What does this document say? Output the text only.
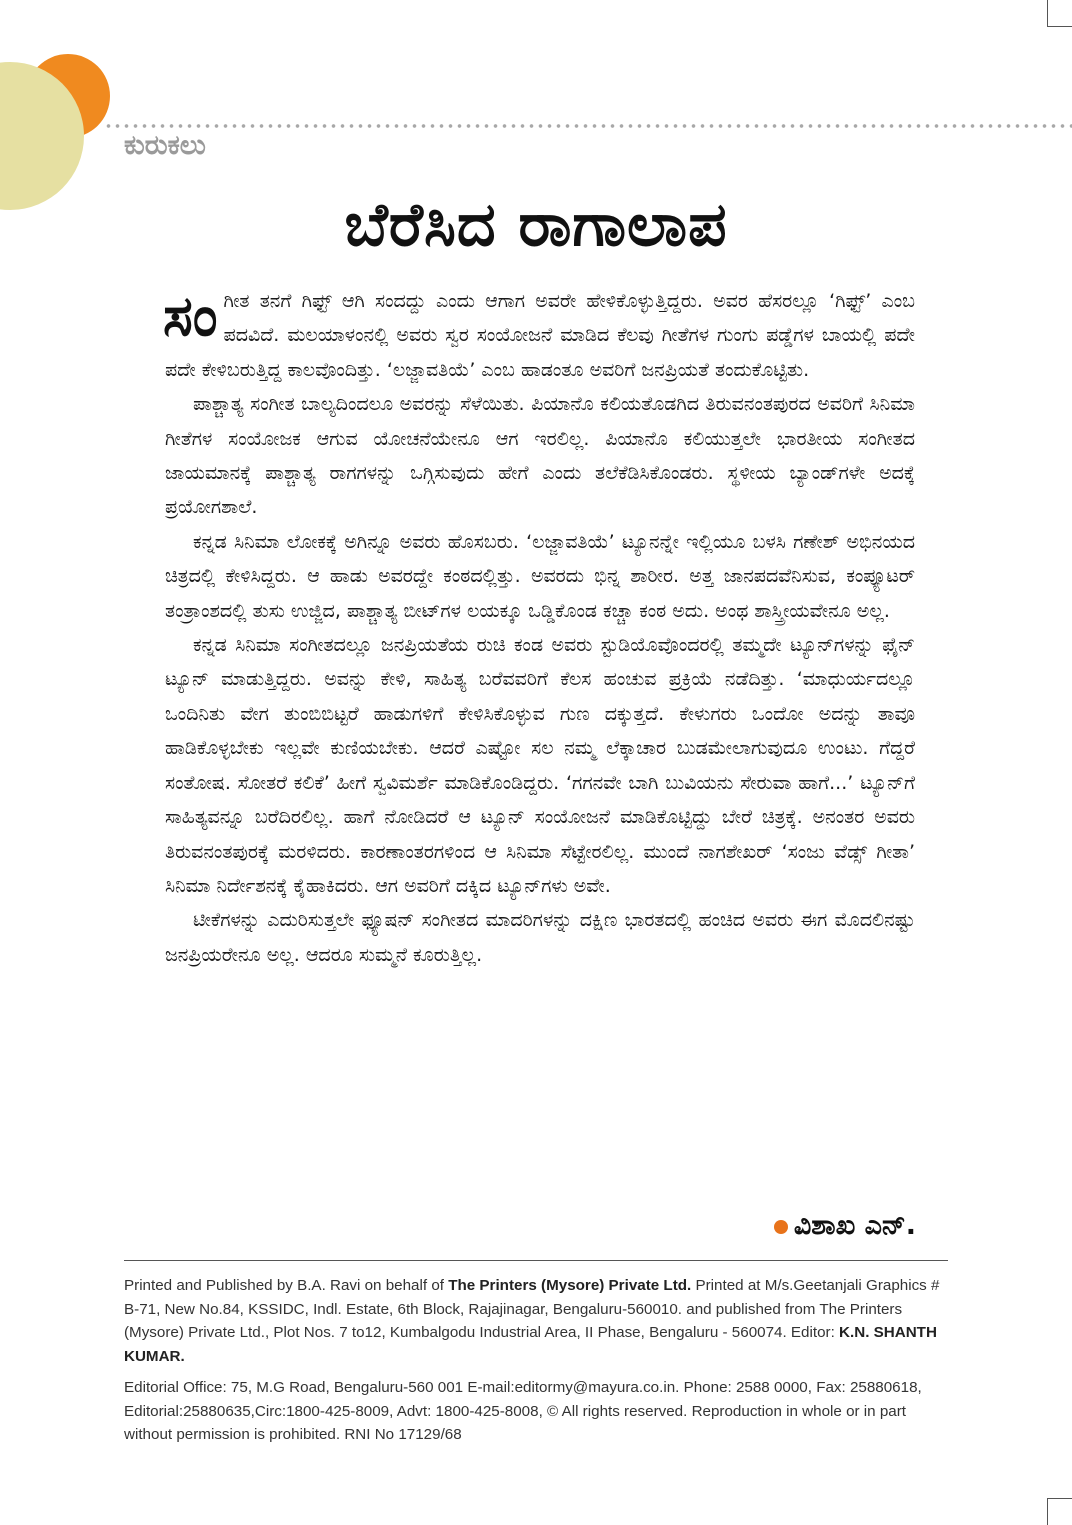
ಕುರುಕಲು
ಬೆರೆಸಿದ ರಾಗಾಲಾಪ

ಸಂಗೀತ ತನಗೆ ಗಿಫ್ಟ್ ಆಗಿ ಸಂದದ್ದು ಎಂದು ಆಗಾಗ ಅವರೇ ಹೇಳಿಕೊಳ್ಳುತ್ತಿದ್ದರು. ಅವರ ಹೆಸರಲ್ಲೂ ‘ಗಿಫ್ಟ್’ ಎಂಬ ಪದವಿದೆ. ಮಲಯಾಳಂನಲ್ಲಿ ಅವರು ಸ್ವರ ಸಂಯೋಜನೆ ಮಾಡಿದ ಕೆಲವು ಗೀತೆಗಳ ಗುಂಗು ಪಡ್ಡೆಗಳ ಬಾಯಲ್ಲಿ ಪದೇ ಪದೇ ಕೇಳಿಬರುತ್ತಿದ್ದ ಕಾಲವೊಂದಿತ್ತು. ‘ಲಜ್ಜಾವತಿಯೆ’ ಎಂಬ ಹಾಡಂತೂ ಅವರಿಗೆ ಜನಪ್ರಿಯತೆ ತಂದುಕೊಟ್ಟಿತು.

ಪಾಶ್ಚಾತ್ಯ ಸಂಗೀತ ಬಾಲ್ಯದಿಂದಲೂ ಅವರನ್ನು ಸೆಳೆಯಿತು. ಪಿಯಾನೊ ಕಲಿಯತೊಡಗಿದ ತಿರುವನಂತಪುರದ ಅವರಿಗೆ ಸಿನಿಮಾ ಗೀತೆಗಳ ಸಂಯೋಜಕ ಆಗುವ ಯೋಚನೆಯೇನೂ ಆಗ ಇರಲಿಲ್ಲ. ಪಿಯಾನೊ ಕಲಿಯುತ್ತಲೇ ಭಾರತೀಯ ಸಂಗೀತದ ಜಾಯಮಾನಕ್ಕೆ ಪಾಶ್ಚಾತ್ಯ ರಾಗಗಳನ್ನು ಒಗ್ಗಿಸುವುದು ಹೇಗೆ ಎಂದು ತಲೆಕೆಡಿಸಿಕೊಂಡರು. ಸ್ಥಳೀಯ ಬ್ಯಾಂಡ್‌ಗಳೇ ಅದಕ್ಕೆ ಪ್ರಯೋಗಶಾಲೆ.

ಕನ್ನಡ ಸಿನಿಮಾ ಲೋಕಕ್ಕೆ ಅಗಿನ್ನೂ ಅವರು ಹೊಸಬರು. ‘ಲಜ್ಜಾವತಿಯೆ’ ಟ್ಯೂನನ್ನೇ ಇಲ್ಲಿಯೂ ಬಳಸಿ ಗಣೇಶ್ ಅಭಿನಯದ ಚಿತ್ರದಲ್ಲಿ ಕೇಳಿಸಿದ್ದರು. ಆ ಹಾಡು ಅವರದ್ದೇ ಕಂಠದಲ್ಲಿತ್ತು. ಅವರದು ಭಿನ್ನ ಶಾರೀರ. ಅತ್ತ ಜಾನಪದವೆನಿಸುವ, ಕಂಪ್ಯೂಟರ್ ತಂತ್ರಾಂಶದಲ್ಲಿ ತುಸು ಉಜ್ಜಿದ, ಪಾಶ್ಚಾತ್ಯ ಬೀಟ್‌ಗಳ ಲಯಕ್ಕೂ ಒಡ್ಡಿಕೊಂಡ ಕಚ್ಚಾ ಕಂಠ ಅದು. ಅಂಥ ಶಾಸ್ತ್ರೀಯವೇನೂ ಅಲ್ಲ.

ಕನ್ನಡ ಸಿನಿಮಾ ಸಂಗೀತದಲ್ಲೂ ಜನಪ್ರಿಯತೆಯ ರುಚಿ ಕಂಡ ಅವರು ಸ್ಟುಡಿಯೊವೊಂದರಲ್ಲಿ ತಮ್ಮದೇ ಟ್ಯೂನ್‌ಗಳನ್ನು ಫೈನ್ ಟ್ಯೂನ್ ಮಾಡುತ್ತಿದ್ದರು. ಅವನ್ನು ಕೇಳಿ, ಸಾಹಿತ್ಯ ಬರೆವವರಿಗೆ ಕೆಲಸ ಹಂಚುವ ಪ್ರಕ್ರಿಯೆ ನಡೆದಿತ್ತು. ‘ಮಾಧುರ್ಯದಲ್ಲೂ ಒಂದಿನಿತು ವೇಗ ತುಂಬಿಬಿಟ್ಟರೆ ಹಾಡುಗಳಿಗೆ ಕೇಳಿಸಿಕೊಳ್ಳುವ ಗುಣ ದಕ್ಕುತ್ತದೆ. ಕೇಳುಗರು ಒಂದೋ ಅದನ್ನು ತಾವೂ ಹಾಡಿಕೊಳ್ಳಬೇಕು ಇಲ್ಲವೇ ಕುಣಿಯಬೇಕು. ಆದರೆ ಎಷ್ಟೋ ಸಲ ನಮ್ಮ ಲೆಕ್ಕಾಚಾರ ಬುಡಮೇಲಾಗುವುದೂ ಉಂಟು. ಗೆದ್ದರೆ ಸಂತೋಷ. ಸೋತರೆ ಕಲಿಕೆ’ ಹೀಗೆ ಸ್ವವಿಮರ್ಶೆ ಮಾಡಿಕೊಂಡಿದ್ದರು. ‘ಗಗನವೇ ಬಾಗಿ ಬುವಿಯನು ಸೇರುವಾ ಹಾಗೆ...’ ಟ್ಯೂನ್‌ಗೆ ಸಾಹಿತ್ಯವನ್ನೂ ಬರೆದಿರಲಿಲ್ಲ. ಹಾಗೆ ನೋಡಿದರೆ ಆ ಟ್ಯೂನ್ ಸಂಯೋಜನೆ ಮಾಡಿಕೊಟ್ಟಿದ್ದು ಬೇರೆ ಚಿತ್ರಕ್ಕೆ. ಅನಂತರ ಅವರು ತಿರುವನಂತಪುರಕ್ಕೆ ಮರಳಿದರು. ಕಾರಣಾಂತರಗಳಿಂದ ಆ ಸಿನಿಮಾ ಸೆಟ್ಟೇರಲಿಲ್ಲ. ಮುಂದೆ ನಾಗಶೇಖರ್ ‘ಸಂಜು ವೆಡ್ಸ್ ಗೀತಾ’ ಸಿನಿಮಾ ನಿರ್ದೇಶನಕ್ಕೆ ಕೈಹಾಕಿದರು. ಆಗ ಅವರಿಗೆ ದಕ್ಕಿದ ಟ್ಯೂನ್‌ಗಳು ಅವೇ.

ಟೀಕೆಗಳನ್ನು ಎದುರಿಸುತ್ತಲೇ ಫ್ಯೂಷನ್ ಸಂಗೀತದ ಮಾದರಿಗಳನ್ನು ದಕ್ಷಿಣ ಭಾರತದಲ್ಲಿ ಹಂಚಿದ ಅವರು ಈಗ ಮೊದಲಿನಷ್ಟು ಜನಪ್ರಿಯರೇನೂ ಅಲ್ಲ. ಆದರೂ ಸುಮ್ಮನೆ ಕೂರುತ್ತಿಲ್ಲ.

ವಿಶಾಖ ಎನ್.

Printed and Published by B.A. Ravi on behalf of The Printers (Mysore) Private Ltd. Printed at M/s.Geetanjali Graphics # B-71, New No.84, KSSIDC, Indl. Estate, 6th Block, Rajajinagar, Bengaluru-560010. and published from The Printers (Mysore) Private Ltd., Plot Nos. 7 to12, Kumbalgodu Industrial Area, II Phase, Bengaluru - 560074. Editor: K.N. SHANTH KUMAR.

Editorial Office: 75, M.G Road, Bengaluru-560 001 E-mail:editormy@mayura.co.in. Phone: 2588 0000, Fax: 25880618, Editorial:25880635,Circ:1800-425-8009, Advt: 1800-425-8008, © All rights reserved. Reproduction in whole or in part without permission is prohibited. RNI No 17129/68
